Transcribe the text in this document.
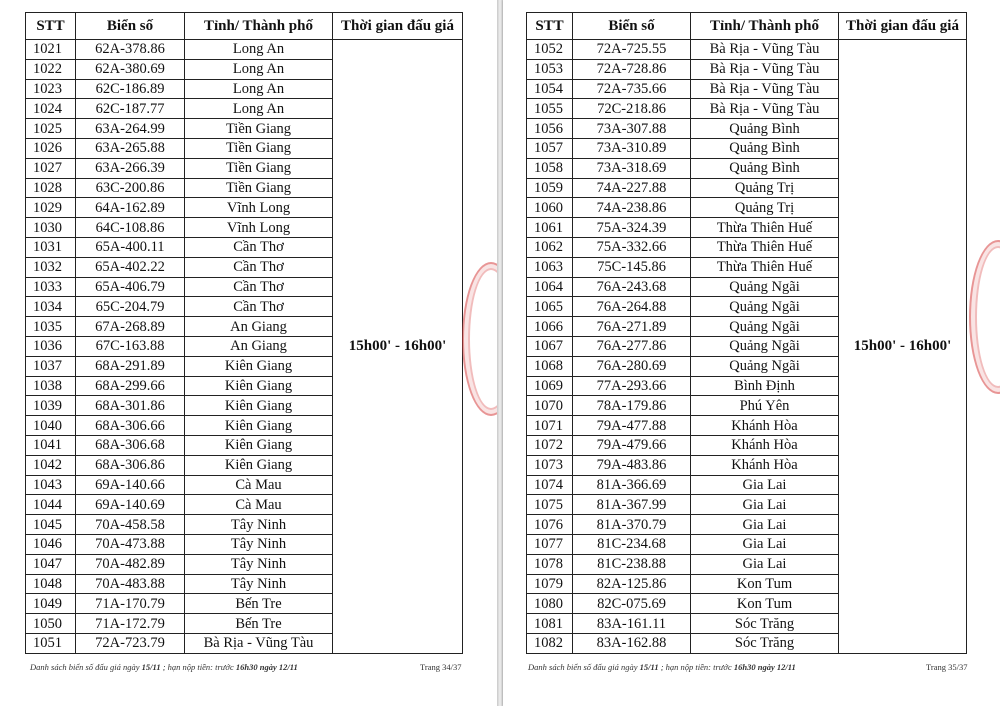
STT	Biển số	Tỉnh/ Thành phố	Thời gian đấu giá
1021	62A-378.86	Long An	15h00' - 16h00'
1022	62A-380.69	Long An	
1023	62C-186.89	Long An	
1024	62C-187.77	Long An	
1025	63A-264.99	Tiền Giang	
1026	63A-265.88	Tiền Giang	
1027	63A-266.39	Tiền Giang	
1028	63C-200.86	Tiền Giang	
1029	64A-162.89	Vĩnh Long	
1030	64C-108.86	Vĩnh Long	
1031	65A-400.11	Cần Thơ	
1032	65A-402.22	Cần Thơ	
1033	65A-406.79	Cần Thơ	
1034	65C-204.79	Cần Thơ	
1035	67A-268.89	An Giang	
1036	67C-163.88	An Giang	
1037	68A-291.89	Kiên Giang	
1038	68A-299.66	Kiên Giang	
1039	68A-301.86	Kiên Giang	
1040	68A-306.66	Kiên Giang	
1041	68A-306.68	Kiên Giang	
1042	68A-306.86	Kiên Giang	
1043	69A-140.66	Cà Mau	
1044	69A-140.69	Cà Mau	
1045	70A-458.58	Tây Ninh	
1046	70A-473.88	Tây Ninh	
1047	70A-482.89	Tây Ninh	
1048	70A-483.88	Tây Ninh	
1049	71A-170.79	Bến Tre	
1050	71A-172.79	Bến Tre	
1051	72A-723.79	Bà Rịa - Vũng Tàu	
Danh sách biển số đấu giá ngày 15/11 ; hạn nộp tiền: trước 16h30 ngày 12/11	Trang 34/37
STT	Biển số	Tỉnh/ Thành phố	Thời gian đấu giá
1052	72A-725.55	Bà Rịa - Vũng Tàu	15h00' - 16h00'
1053	72A-728.86	Bà Rịa - Vũng Tàu	
1054	72A-735.66	Bà Rịa - Vũng Tàu	
1055	72C-218.86	Bà Rịa - Vũng Tàu	
1056	73A-307.88	Quảng Bình	
1057	73A-310.89	Quảng Bình	
1058	73A-318.69	Quảng Bình	
1059	74A-227.88	Quảng Trị	
1060	74A-238.86	Quảng Trị	
1061	75A-324.39	Thừa Thiên Huế	
1062	75A-332.66	Thừa Thiên Huế	
1063	75C-145.86	Thừa Thiên Huế	
1064	76A-243.68	Quảng Ngãi	
1065	76A-264.88	Quảng Ngãi	
1066	76A-271.89	Quảng Ngãi	
1067	76A-277.86	Quảng Ngãi	
1068	76A-280.69	Quảng Ngãi	
1069	77A-293.66	Bình Định	
1070	78A-179.86	Phú Yên	
1071	79A-477.88	Khánh Hòa	
1072	79A-479.66	Khánh Hòa	
1073	79A-483.86	Khánh Hòa	
1074	81A-366.69	Gia Lai	
1075	81A-367.99	Gia Lai	
1076	81A-370.79	Gia Lai	
1077	81C-234.68	Gia Lai	
1078	81C-238.88	Gia Lai	
1079	82A-125.86	Kon Tum	
1080	82C-075.69	Kon Tum	
1081	83A-161.11	Sóc Trăng	
1082	83A-162.88	Sóc Trăng	
Danh sách biển số đấu giá ngày 15/11 ; hạn nộp tiền: trước 16h30 ngày 12/11	Trang 35/37
